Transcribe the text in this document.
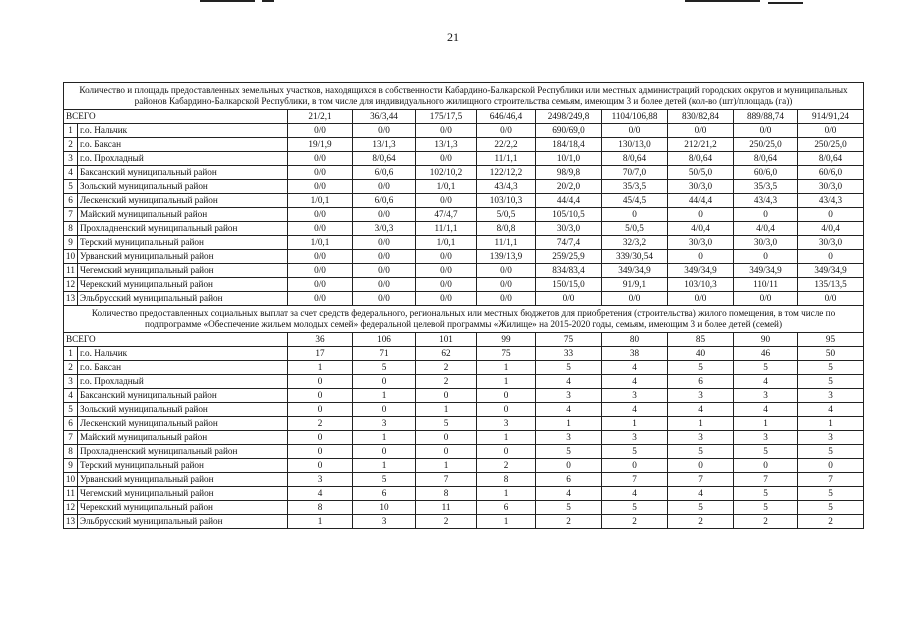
21
Количество и площадь предоставленных земельных участков, находящихся в собственности Кабардино-Балкарской Республики или местных администраций городских округов и муниципальных районов Кабардино-Балкарской Республики, в том числе для индивидуального жилищного строительства семьям, имеющим 3 и более детей (кол-во (шт)/площадь (га))										
ВСЕГО		21/2,1	36/3,44	175/17,5	646/46,4	2498/249,8	1104/106,88	830/82,84	889/88,74	914/91,24
1	г.о. Нальчик	0/0	0/0	0/0	0/0	690/69,0	0/0	0/0	0/0	0/0
2	г.о. Баксан	19/1,9	13/1,3	13/1,3	22/2,2	184/18,4	130/13,0	212/21,2	250/25,0	250/25,0
3	г.о. Прохладный	0/0	8/0,64	0/0	11/1,1	10/1,0	8/0,64	8/0,64	8/0,64	8/0,64
4	Баксанский муниципальный район	0/0	6/0,6	102/10,2	122/12,2	98/9,8	70/7,0	50/5,0	60/6,0	60/6,0
5	Зольский муниципальный район	0/0	0/0	1/0,1	43/4,3	20/2,0	35/3,5	30/3,0	35/3,5	30/3,0
6	Лескенский муниципальный район	1/0,1	6/0,6	0/0	103/10,3	44/4,4	45/4,5	44/4,4	43/4,3	43/4,3
7	Майский муниципальный район	0/0	0/0	47/4,7	5/0,5	105/10,5	0	0	0	0
8	Прохладненский муниципальный район	0/0	3/0,3	11/1,1	8/0,8	30/3,0	5/0,5	4/0,4	4/0,4	4/0,4
9	Терский муниципальный район	1/0,1	0/0	1/0,1	11/1,1	74/7,4	32/3,2	30/3,0	30/3,0	30/3,0
10	Урванский муниципальный район	0/0	0/0	0/0	139/13,9	259/25,9	339/30,54	0	0	0
11	Чегемский муниципальный район	0/0	0/0	0/0	0/0	834/83,4	349/34,9	349/34,9	349/34,9	349/34,9
12	Черекский муниципальный район	0/0	0/0	0/0	0/0	150/15,0	91/9,1	103/10,3	110/11	135/13,5
13	Эльбрусский муниципальный район	0/0	0/0	0/0	0/0	0/0	0/0	0/0	0/0	0/0
Количество предоставленных социальных выплат за счет средств федерального, региональных или местных бюджетов для приобретения (строительства) жилого помещения, в том числе по подпрограмме «Обеспечение жильем молодых семей» федеральной целевой программы «Жилище» на 2015-2020 годы, семьям, имеющим 3 и более детей (семей)										
ВСЕГО		36	106	101	99	75	80	85	90	95
1	г.о. Нальчик	17	71	62	75	33	38	40	46	50
2	г.о. Баксан	1	5	2	1	5	4	5	5	5
3	г.о. Прохладный	0	0	2	1	4	4	6	4	5
4	Баксанский муниципальный район	0	1	0	0	3	3	3	3	3
5	Зольский муниципальный район	0	0	1	0	4	4	4	4	4
6	Лескенский муниципальный район	2	3	5	3	1	1	1	1	1
7	Майский муниципальный район	0	1	0	1	3	3	3	3	3
8	Прохладненский муниципальный район	0	0	0	0	5	5	5	5	5
9	Терский муниципальный район	0	1	1	2	0	0	0	0	0
10	Урванский муниципальный район	3	5	7	8	6	7	7	7	7
11	Чегемский муниципальный район	4	6	8	1	4	4	4	5	5
12	Черекский муниципальный район	8	10	11	6	5	5	5	5	5
13	Эльбрусский муниципальный район	1	3	2	1	2	2	2	2	2
